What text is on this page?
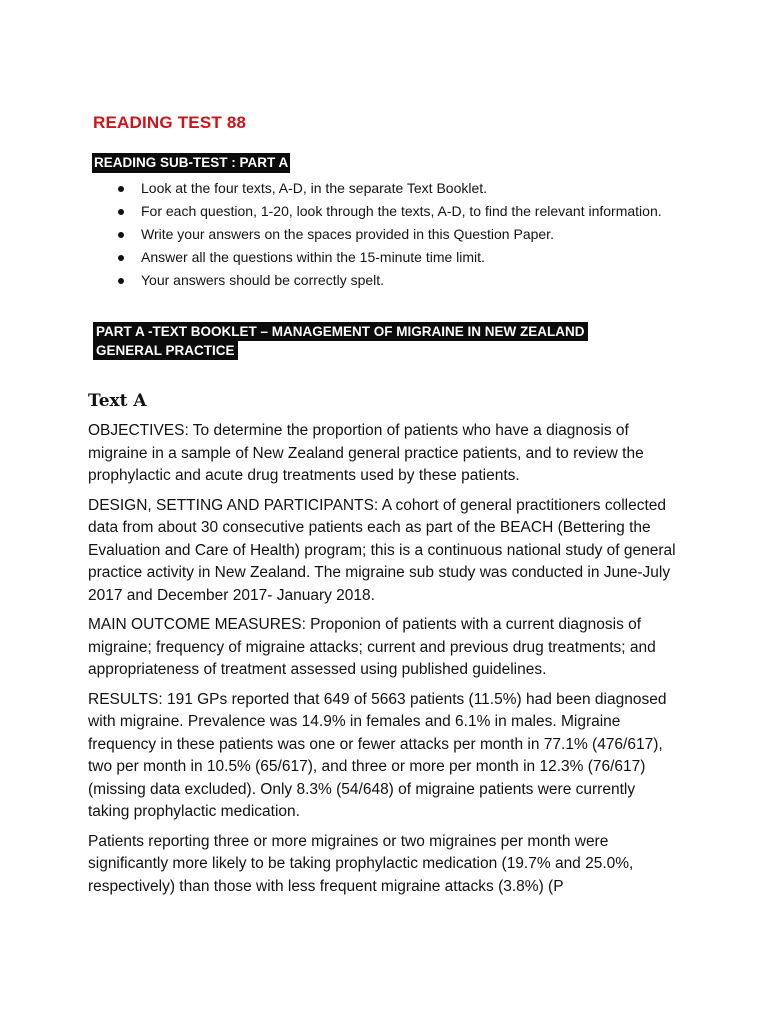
READING TEST 88
READING SUB-TEST : PART A
Look at the four texts, A-D, in the separate Text Booklet.
For each question, 1-20, look through the texts, A-D, to find the relevant information.
Write your answers on the spaces provided in this Question Paper.
Answer all the questions within the 15-minute time limit.
Your answers should be correctly spelt.
PART A -TEXT BOOKLET – MANAGEMENT OF MIGRAINE IN NEW ZEALAND
GENERAL PRACTICE
Text A

OBJECTIVES: To determine the proportion of patients who have a diagnosis of migraine in a sample of New Zealand general practice patients, and to review the prophylactic and acute drug treatments used by these patients.

DESIGN, SETTING AND PARTICIPANTS: A cohort of general practitioners collected data from about 30 consecutive patients each as part of the BEACH (Bettering the Evaluation and Care of Health) program; this is a continuous national study of general practice activity in New Zealand. The migraine sub study was conducted in June-July 2017 and December 2017- January 2018.

MAIN OUTCOME MEASURES: Proponion of patients with a current diagnosis of migraine; frequency of migraine attacks; current and previous drug treatments; and appropriateness of treatment assessed using published guidelines.

RESULTS: 191 GPs reported that 649 of 5663 patients (11.5%) had been diagnosed with migraine. Prevalence was 14.9% in females and 6.1% in males. Migraine frequency in these patients was one or fewer attacks per month in 77.1% (476/617), two per month in 10.5% (65/617), and three or more per month in 12.3% (76/617) (missing data excluded). Only 8.3% (54/648) of migraine patients were currently taking prophylactic medication.

Patients reporting three or more migraines or two migraines per month were significantly more likely to be taking prophylactic medication (19.7% and 25.0%, respectively) than those with less frequent migraine attacks (3.8%) (P
